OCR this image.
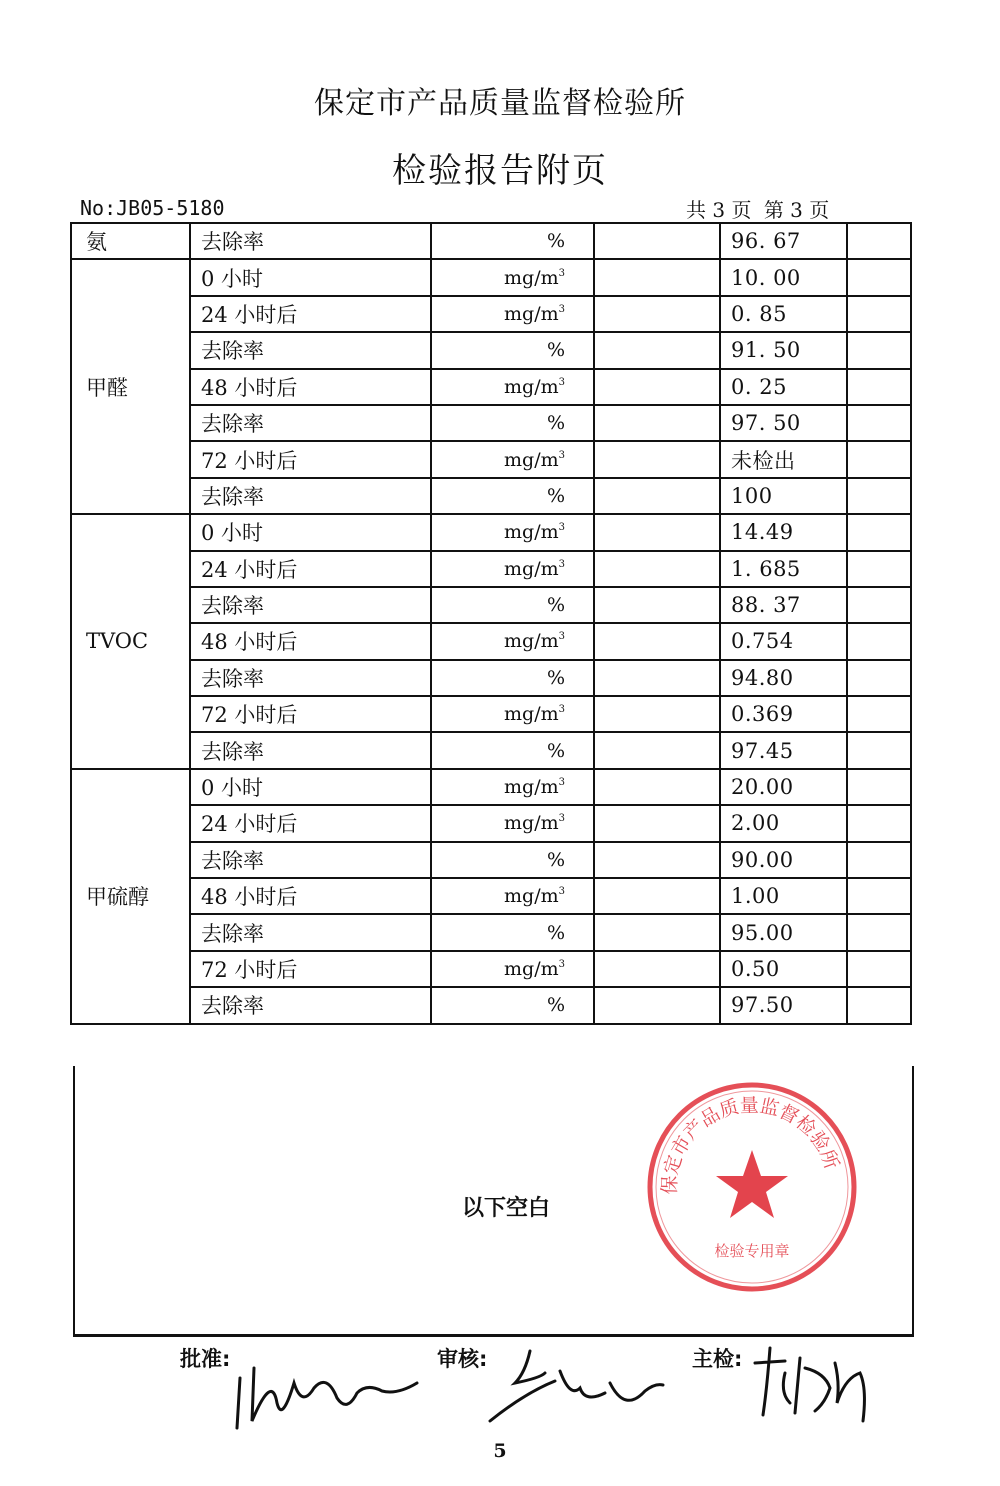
保定市产品质量监督检验所
检验报告附页
No:JB05-5180	共 3 页 第 3 页
氨	去除率	%		96. 67		
甲醛	0 小时	$mg/m^3$		10. 00		
	24 小时后	$mg/m^3$		0. 85		
	去除率	%		91. 50		
	48 小时后	$mg/m^3$		0. 25		
	去除率	%		97. 50		
	72 小时后	$mg/m^3$		未检出		
	去除率	%		100		
TVOC	0 小时	$mg/m^3$		14.49		
	24 小时后	$mg/m^3$		1. 685		
	去除率	%		88. 37		
	48 小时后	$mg/m^3$		0.754		
	去除率	%		94.80		
	72 小时后	$mg/m^3$		0.369		
	去除率	%		97.45		
甲硫醇	0 小时	$mg/m^3$		20.00		
	24 小时后	$mg/m^3$		2.00		
	去除率	%		90.00		
	48 小时后	$mg/m^3$		1.00		
	去除率	%		95.00		
	72 小时后	$mg/m^3$		0.50		
	去除率	%		97.50		
以下空白
保定市产品质量监督检验所
检验专用章
批准:	审核:	主检:
5
